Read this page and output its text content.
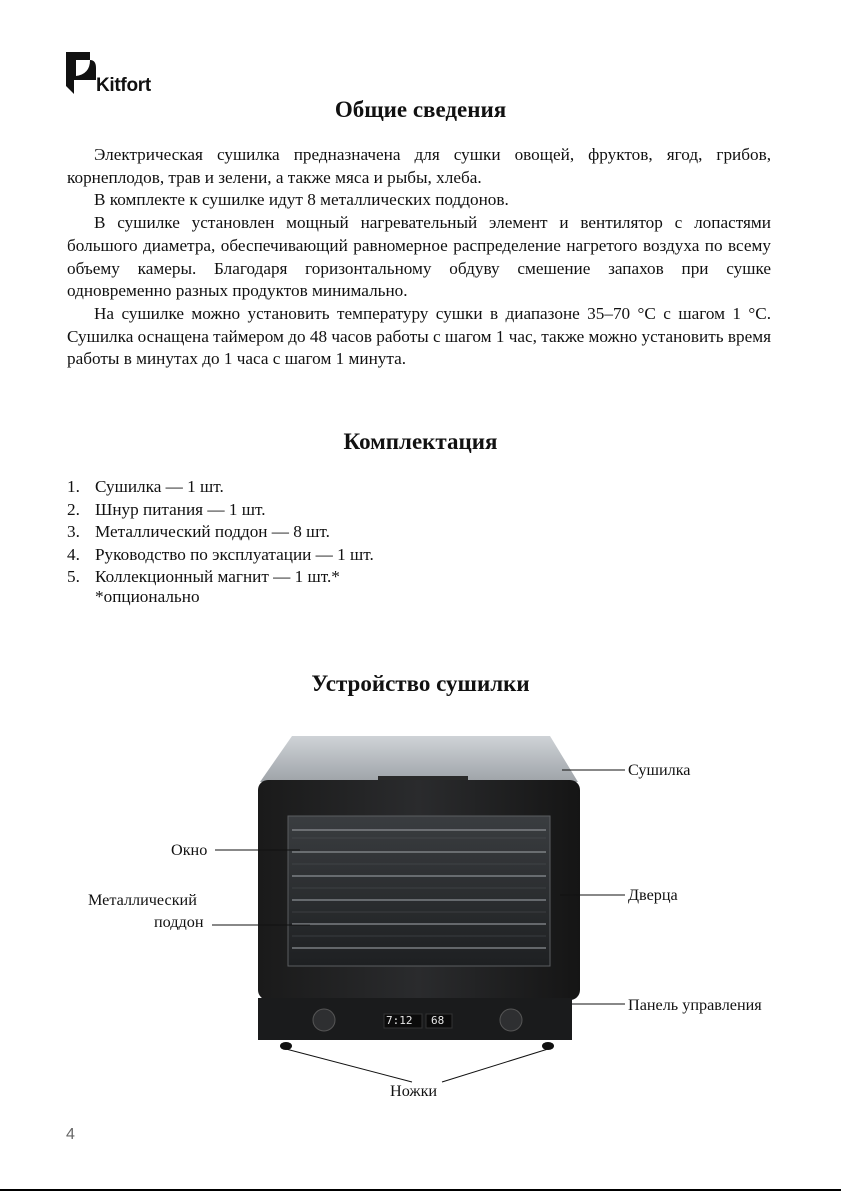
Kitfort
Общие сведения

Электрическая сушилка предназначена для сушки овощей, фруктов, ягод, грибов, корнеплодов, трав и зелени, а также мяса и рыбы, хлеба.

В комплекте к сушилке идут 8 металлических поддонов.

В сушилке установлен мощный нагревательный элемент и вентилятор с лопастями большого диаметра, обеспечивающий равномерное распределение нагретого воздуха по всему объему камеры. Благодаря горизонтальному обдуву смешение запахов при сушке одновременно разных продуктов минимально.

На сушилке можно установить температуру сушки в диапазоне 35–70 °С с шагом 1 °С. Сушилка оснащена таймером до 48 часов работы с шагом 1 час, также можно установить время работы в минутах до 1 часа с шагом 1 минута.

Комплектация
1. Сушилка — 1 шт.
2. Шнур питания — 1 шт.
3. Металлический поддон — 8 шт.
4. Руководство по эксплуатации — 1 шт.
5. Коллекционный магнит — 1 шт.*
*опционально
Устройство сушилки
7:12 68
Сушилка
Окно
Металлический
поддон
Дверца
Панель управления
Ножки
4
